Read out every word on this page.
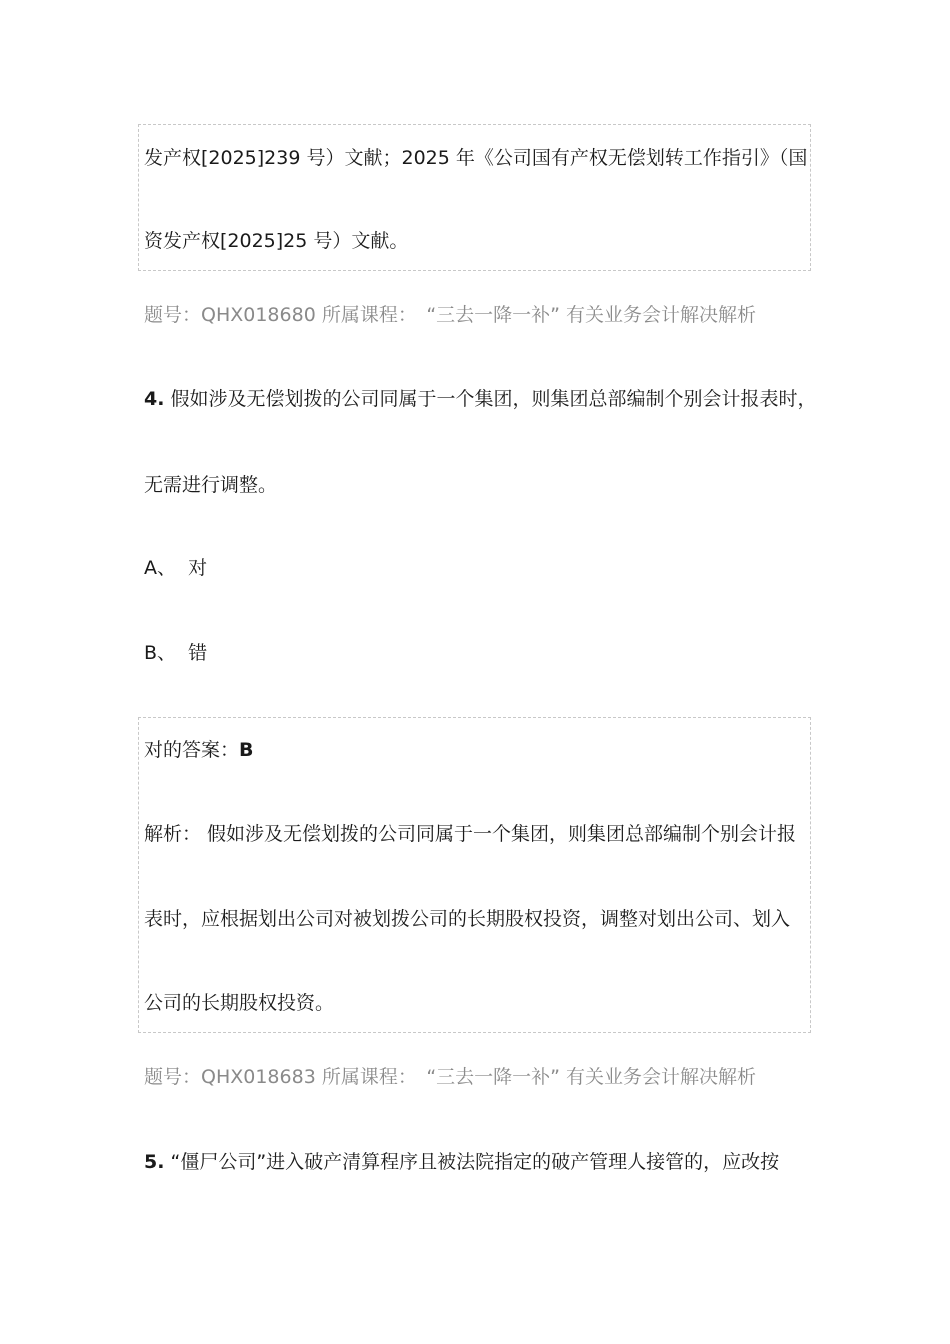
发产权[2025]239 号）文献；2025 年《公司国有产权无偿划转工作指引》（国

资发产权[2025]25 号）文献。

题号：QHX018680 所属课程：　“三去一降一补” 有关业务会计解决解析

4. 假如涉及无偿划拨的公司同属于一个集团，则集团总部编制个别会计报表时，

无需进行调整。

A、 对

B、 错

对的答案：B

解析： 假如涉及无偿划拨的公司同属于一个集团，则集团总部编制个别会计报

表时，应根据划出公司对被划拨公司的长期股权投资，调整对划出公司、划入

公司的长期股权投资。

题号：QHX018683 所属课程：　“三去一降一补” 有关业务会计解决解析

5. “僵尸公司”进入破产清算程序且被法院指定的破产管理人接管的，应改按
